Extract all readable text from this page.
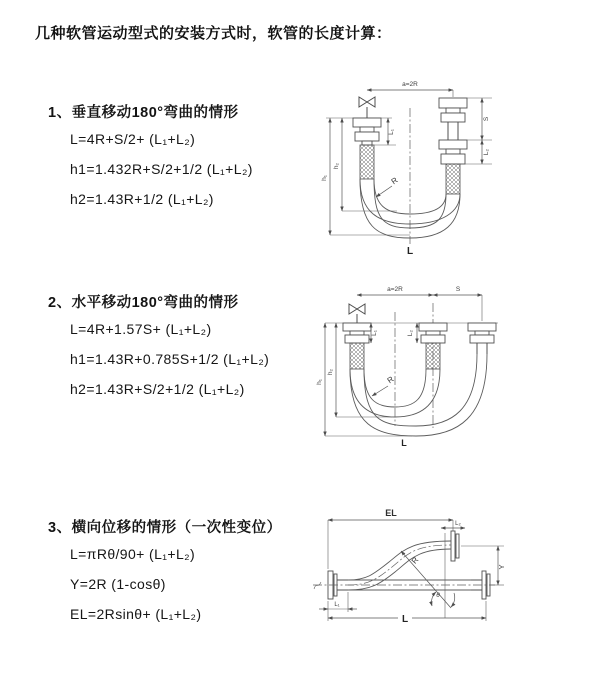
几种软管运动型式的安装方式时，软管的长度计算：
1、垂直移动180°弯曲的情形
L=4R+S/2+ (L₁+L₂)
h1=1.432R+S/2+1/2 (L₁+L₂)
h2=1.43R+1/2 (L₁+L₂)
2、水平移动180°弯曲的情形
L=4R+1.57S+ (L₁+L₂)
h1=1.43R+0.785S+1/2 (L₁+L₂)
h2=1.43R+S/2+1/2 (L₁+L₂)
3、横向位移的情形（一次性变位）
L=πRθ/90+ (L₁+L₂)
Y=2R (1-cosθ)
EL=2Rsinθ+ (L₁+L₂)
a=2R
L₁
S
L₂
h₁
h₂
R
L
a=2R	S
L₁	L₂
h₁
h₂
R
L
EL
L₂
Y
R
θ
L
L₁
